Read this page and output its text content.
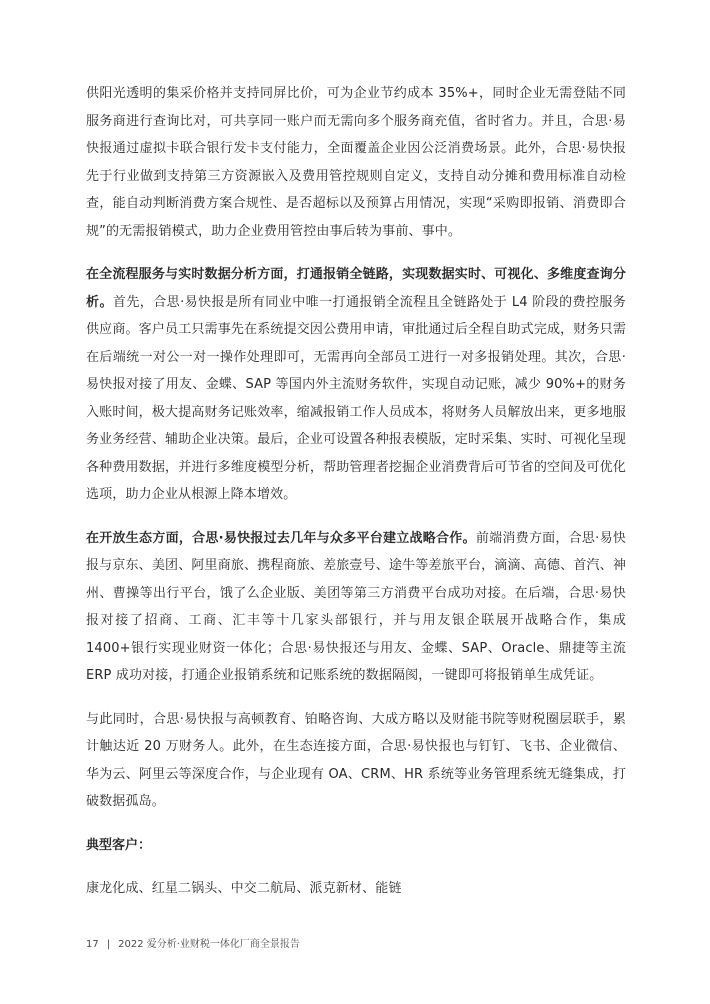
供阳光透明的集采价格并支持同屏比价，可为企业节约成本 35%+，同时企业无需登陆不同服务商进行查询比对，可共享同一账户而无需向多个服务商充值，省时省力。并且，合思·易快报通过虚拟卡联合银行发卡支付能力，全面覆盖企业因公泛消费场景。此外，合思·易快报先于行业做到支持第三方资源嵌入及费用管控规则自定义，支持自动分摊和费用标准自动检查，能自动判断消费方案合规性、是否超标以及预算占用情况，实现“采购即报销、消费即合规”的无需报销模式，助力企业费用管控由事后转为事前、事中。

在全流程服务与实时数据分析方面，打通报销全链路，实现数据实时、可视化、多维度查询分析。首先，合思·易快报是所有同业中唯一打通报销全流程且全链路处于 L4 阶段的费控服务供应商。客户员工只需事先在系统提交因公费用申请，审批通过后全程自助式完成，财务只需在后端统一对公一对一操作处理即可，无需再向全部员工进行一对多报销处理。其次，合思·易快报对接了用友、金蝶、SAP 等国内外主流财务软件，实现自动记账，减少 90%+的财务入账时间，极大提高财务记账效率，缩减报销工作人员成本，将财务人员解放出来，更多地服务业务经营、辅助企业决策。最后，企业可设置各种报表模版，定时采集、实时、可视化呈现各种费用数据，并进行多维度模型分析，帮助管理者挖掘企业消费背后可节省的空间及可优化选项，助力企业从根源上降本增效。

在开放生态方面，合思·易快报过去几年与众多平台建立战略合作。前端消费方面，合思·易快报与京东、美团、阿里商旅、携程商旅、差旅壹号、途牛等差旅平台，滴滴、高德、首汽、神州、曹操等出行平台，饿了么企业版、美团等第三方消费平台成功对接。在后端，合思·易快报对接了招商、工商、汇丰等十几家头部银行，并与用友银企联展开战略合作，集成 1400+银行实现业财资一体化；合思·易快报还与用友、金蝶、SAP、Oracle、鼎捷等主流 ERP 成功对接，打通企业报销系统和记账系统的数据隔阂，一键即可将报销单生成凭证。

与此同时，合思·易快报与高顿教育、铂略咨询、大成方略以及财能书院等财税圈层联手，累计触达近 20 万财务人。此外，在生态连接方面，合思·易快报也与钉钉、飞书、企业微信、华为云、阿里云等深度合作，与企业现有 OA、CRM、HR 系统等业务管理系统无缝集成，打破数据孤岛。

典型客户：

康龙化成、红星二锅头、中交二航局、派克新材、能链

17 | 2022 爱分析·业财税一体化厂商全景报告
